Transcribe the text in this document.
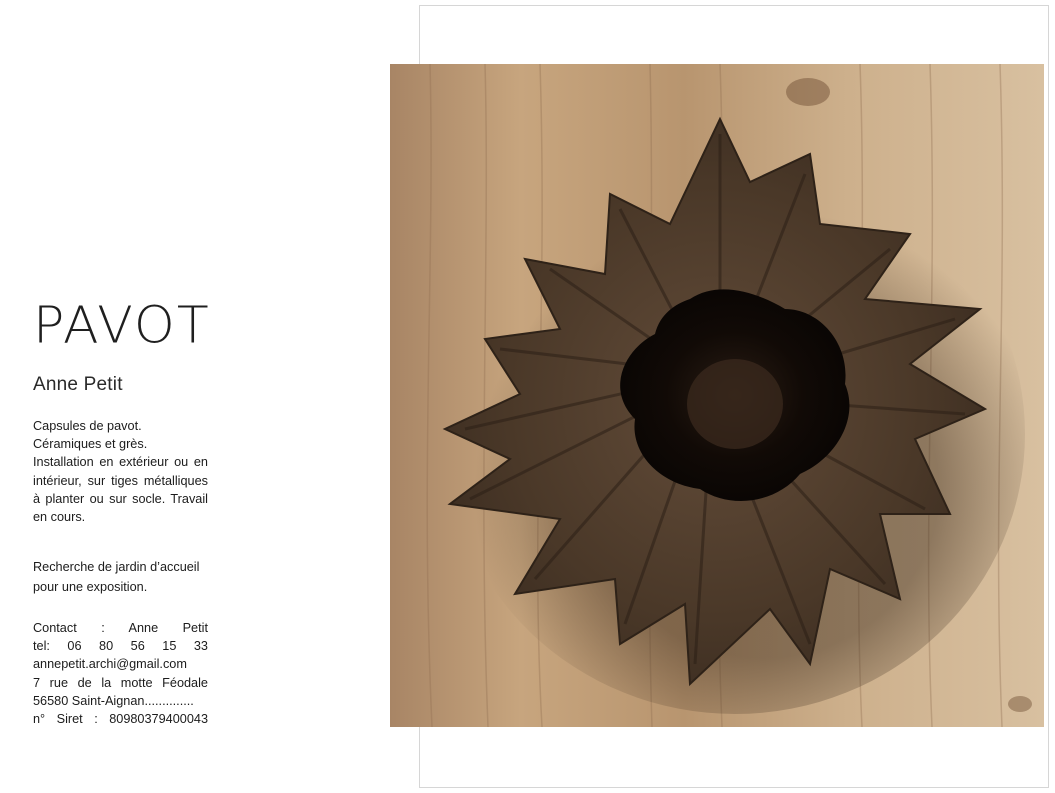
PAVOT
Anne Petit

Capsules de pavot.

Céramiques et grès.

Installation en extérieur ou en intérieur, sur tiges métalliques à planter ou sur socle. Travail en cours.

Recherche de jardin d’accueil pour une exposition.

Contact : Anne Petit

tel: 06 80 56 15 33

annepetit.archi@gmail.com

7 rue de la motte Féodale

56580 Saint-Aignan..............

n° Siret : 80980379400043
